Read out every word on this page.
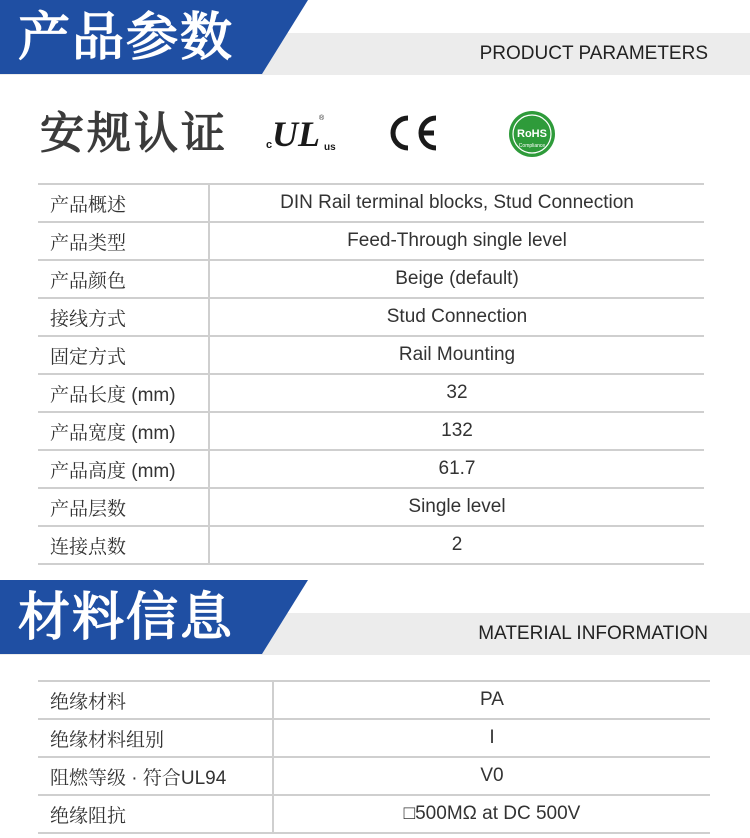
产品参数	PRODUCT PARAMETERS
安规认证	c UL us
®
RoHS
Compliance
产品概述	DIN Rail terminal blocks, Stud Connection
产品类型	Feed-Through single level
产品颜色	Beige (default)
接线方式	Stud Connection
固定方式	Rail Mounting
产品长度 (mm)	32
产品宽度 (mm)	132
产品高度 (mm)	61.7
产品层数	Single level
连接点数	2
材料信息	MATERIAL INFORMATION
绝缘材料	PA
绝缘材料组别	I
阻燃等级 · 符合UL94	V0
绝缘阻抗	□500MΩ at DC 500V
